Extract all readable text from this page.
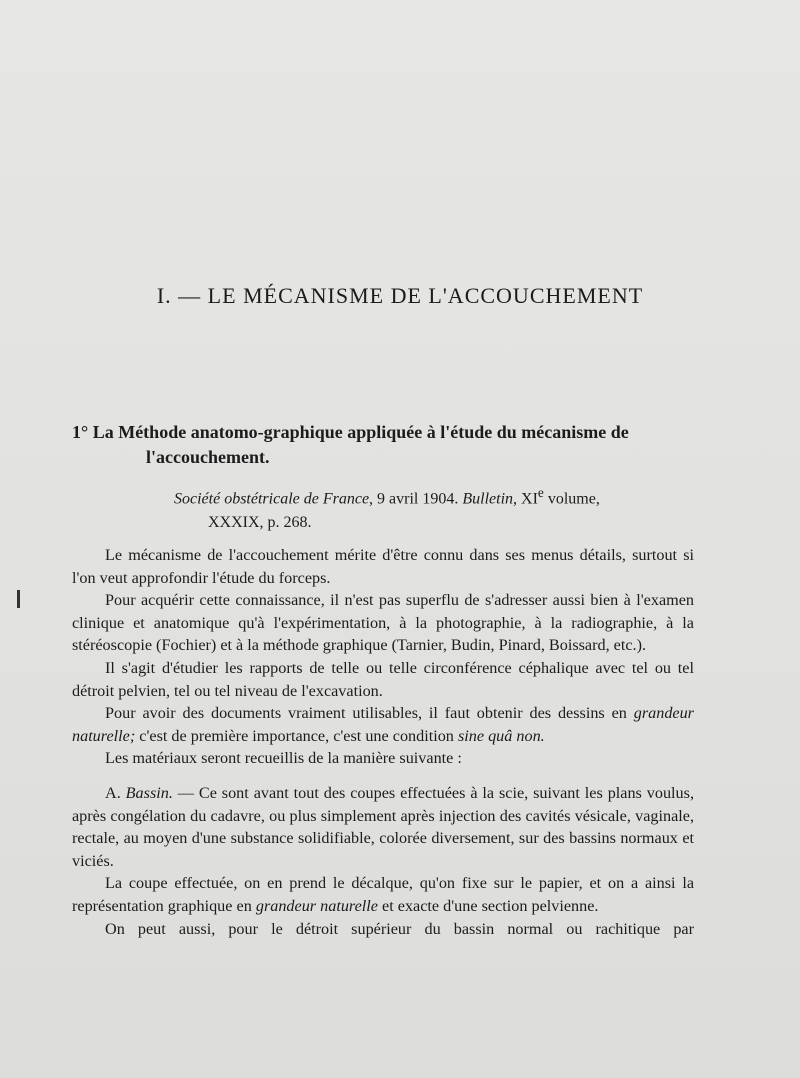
I. — LE MÉCANISME DE L'ACCOUCHEMENT
1° La Méthode anatomo-graphique appliquée à l'étude du mécanisme de
l'accouchement.
Société obstétricale de France, 9 avril 1904. Bulletin, XIe volume,
XXXIX, p. 268.

Le mécanisme de l'accouchement mérite d'être connu dans ses menus détails, surtout si l'on veut approfondir l'étude du forceps.

Pour acquérir cette connaissance, il n'est pas superflu de s'adresser aussi bien à l'examen clinique et anatomique qu'à l'expérimentation, à la photographie, à la radiographie, à la stéréoscopie (Fochier) et à la méthode graphique (Tarnier, Budin, Pinard, Boissard, etc.).

Il s'agit d'étudier les rapports de telle ou telle circonférence céphalique avec tel ou tel détroit pelvien, tel ou tel niveau de l'excavation.

Pour avoir des documents vraiment utilisables, il faut obtenir des dessins en grandeur naturelle; c'est de première importance, c'est une condition sine quâ non.

Les matériaux seront recueillis de la manière suivante :

A. Bassin. — Ce sont avant tout des coupes effectuées à la scie, suivant les plans voulus, après congélation du cadavre, ou plus simplement après injection des cavités vésicale, vaginale, rectale, au moyen d'une substance solidifiable, colorée diversement, sur des bassins normaux et viciés.

La coupe effectuée, on en prend le décalque, qu'on fixe sur le papier, et on a ainsi la représentation graphique en grandeur naturelle et exacte d'une section pelvienne.

On peut aussi, pour le détroit supérieur du bassin normal ou rachitique par
